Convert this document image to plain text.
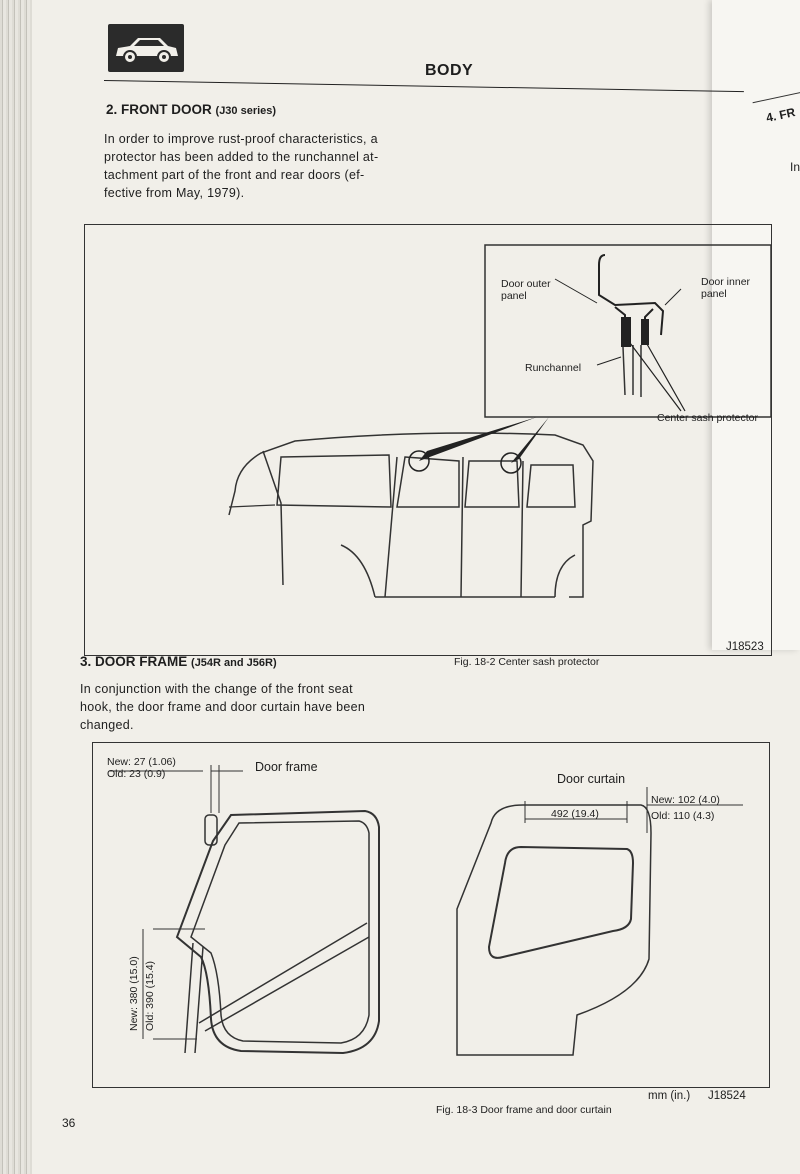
4. FR
In
BODY
2. FRONT DOOR (J30 series)
In order to improve rust-proof characteristics, a
protector has been added to the runchannel at-
tachment part of the front and rear doors (ef-
fective from May, 1979).
Door outer
panel
Door inner
panel
Runchannel
Center sash protector
J18523
Fig. 18-2 Center sash protector
3. DOOR FRAME (J54R and J56R)
In conjunction with the change of the front seat
hook, the door frame and door curtain have been
changed.
New: 27 (1.06)
Old: 23 (0.9)	Door frame
Door curtain
492 (19.4)
New: 102 (4.0)
Old: 110 (4.3)
New: 380 (15.0) Old: 390 (15.4)
mm (in.) J18524
Fig. 18-3 Door frame and door curtain
36
